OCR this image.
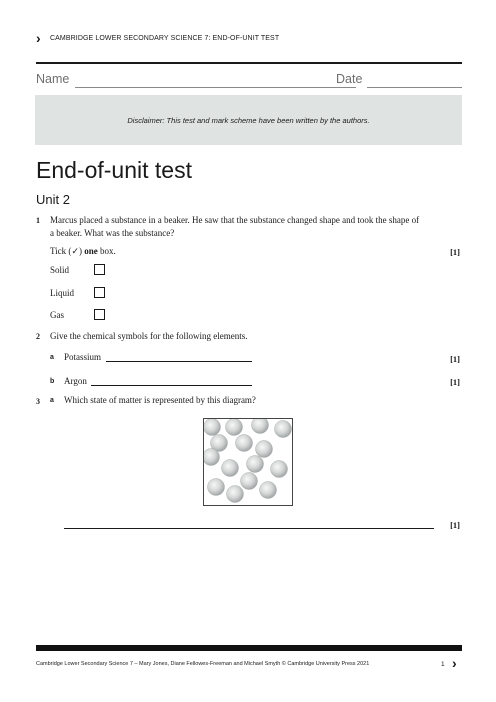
› CAMBRIDGE LOWER SECONDARY SCIENCE 7: END-OF-UNIT TEST
Name	Date
Disclaimer: This test and mark scheme have been written by the authors.
End-of-unit test
Unit 2
1 Marcus placed a substance in a beaker. He saw that the substance changed shape and took the shape of
a beaker. What was the substance?
Tick (✓) one box.	[1]
Solid
Liquid
Gas
2 Give the chemical symbols for the following elements.
a Potassium	[1]
b Argon	[1]
3 a Which state of matter is represented by this diagram?
[1]
Cambridge Lower Secondary Science 7 – Mary Jones, Diane Fellowes-Freeman and Michael Smyth © Cambridge University Press 2021	1 ›
